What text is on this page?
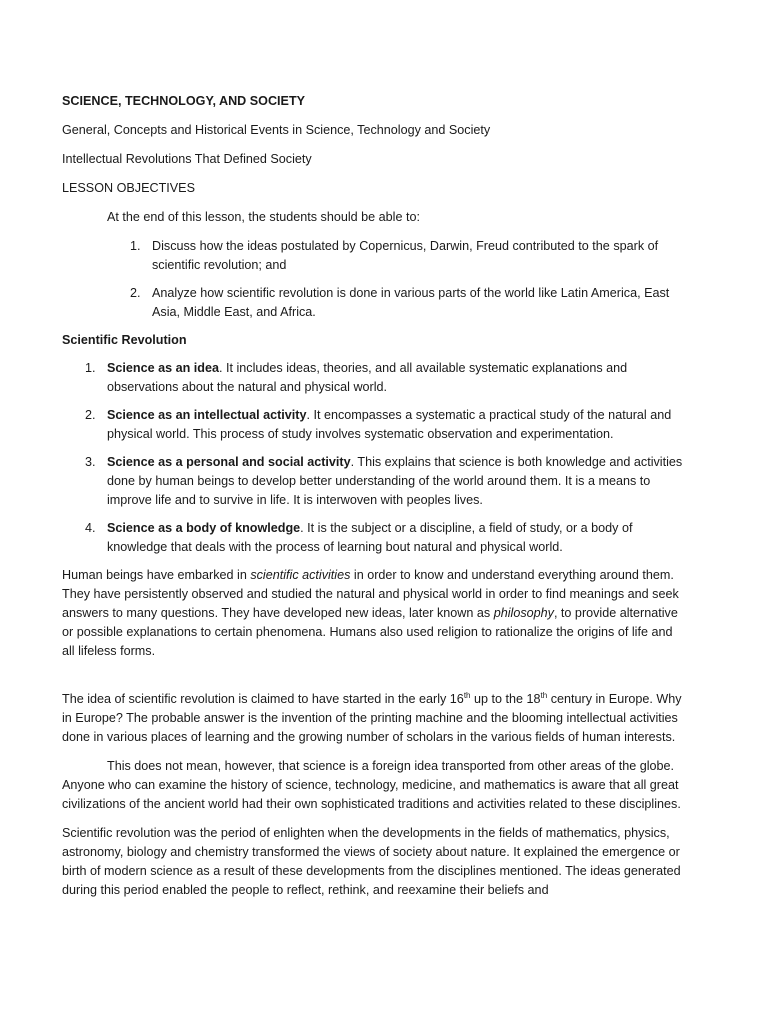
SCIENCE, TECHNOLOGY, AND SOCIETY
General, Concepts and Historical Events in Science, Technology and Society
Intellectual Revolutions That Defined Society
LESSON OBJECTIVES
At the end of this lesson, the students should be able to:
1. Discuss how the ideas postulated by Copernicus, Darwin, Freud contributed to the spark of scientific revolution; and
2. Analyze how scientific revolution is done in various parts of the world like Latin America, East Asia, Middle East, and Africa.
Scientific Revolution
1. Science as an idea. It includes ideas, theories, and all available systematic explanations and observations about the natural and physical world.
2. Science as an intellectual activity. It encompasses a systematic a practical study of the natural and physical world. This process of study involves systematic observation and experimentation.
3. Science as a personal and social activity. This explains that science is both knowledge and activities done by human beings to develop better understanding of the world around them. It is a means to improve life and to survive in life. It is interwoven with peoples lives.
4. Science as a body of knowledge. It is the subject or a discipline, a field of study, or a body of knowledge that deals with the process of learning bout natural and physical world.
Human beings have embarked in scientific activities in order to know and understand everything around them. They have persistently observed and studied the natural and physical world in order to find meanings and seek answers to many questions. They have developed new ideas, later known as philosophy, to provide alternative or possible explanations to certain phenomena. Humans also used religion to rationalize the origins of life and all lifeless forms.
The idea of scientific revolution is claimed to have started in the early 16th up to the 18th century in Europe. Why in Europe? The probable answer is the invention of the printing machine and the blooming intellectual activities done in various places of learning and the growing number of scholars in the various fields of human interests.
This does not mean, however, that science is a foreign idea transported from other areas of the globe. Anyone who can examine the history of science, technology, medicine, and mathematics is aware that all great civilizations of the ancient world had their own sophisticated traditions and activities related to these disciplines.
Scientific revolution was the period of enlighten when the developments in the fields of mathematics, physics, astronomy, biology and chemistry transformed the views of society about nature. It explained the emergence or birth of modern science as a result of these developments from the disciplines mentioned. The ideas generated during this period enabled the people to reflect, rethink, and reexamine their beliefs and
